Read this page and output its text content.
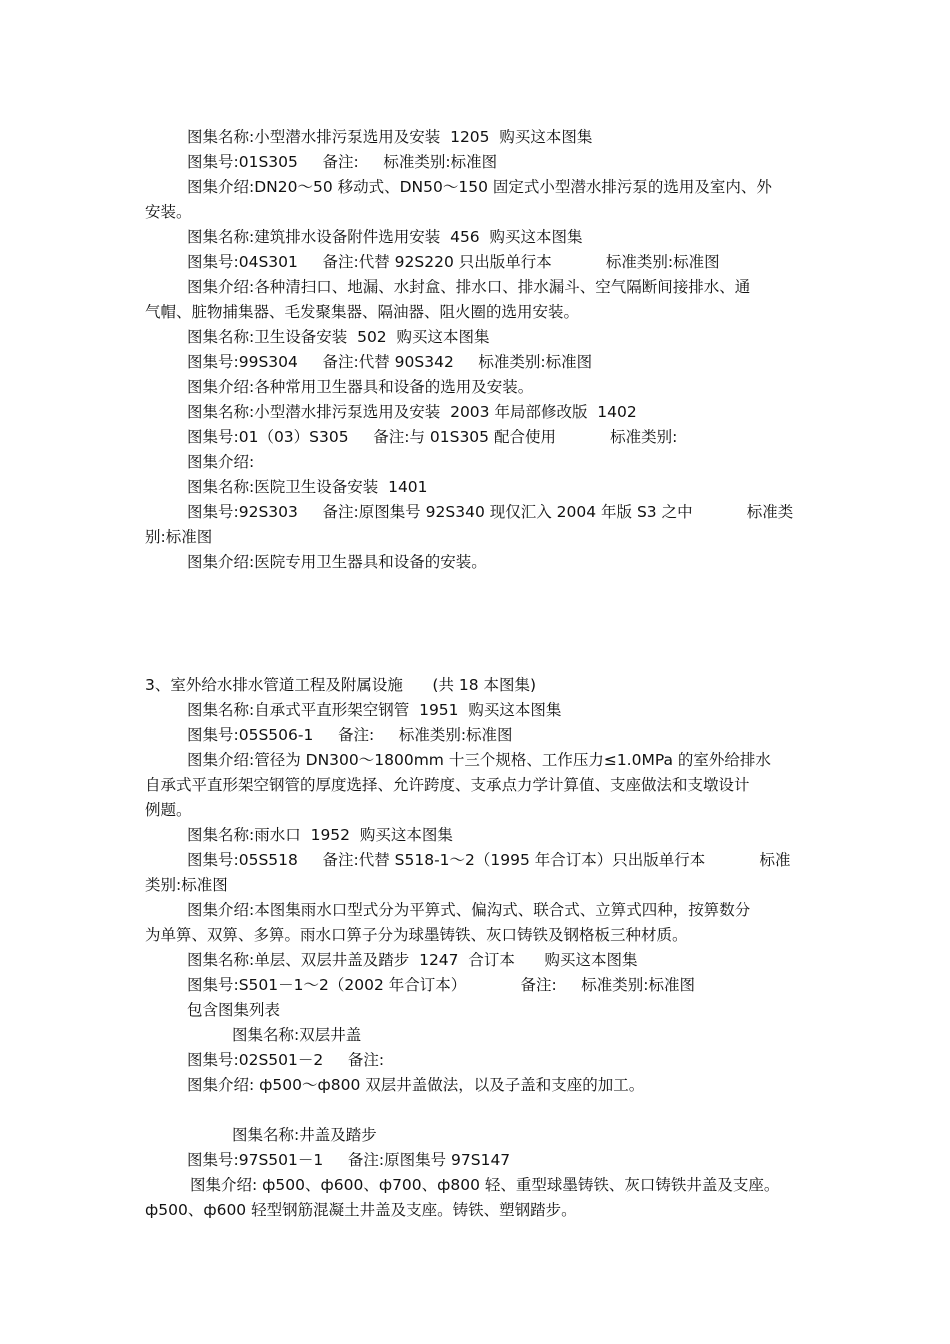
图集名称:小型潜水排污泵选用及安装  1205  购买这本图集
图集号:01S305     备注:     标准类别:标准图
图集介绍:DN20～50 移动式、DN50～150 固定式小型潜水排污泵的选用及室内、外
安装。
图集名称:建筑排水设备附件选用安装  456  购买这本图集
图集号:04S301     备注:代替 92S220 只出版单行本           标准类别:标准图
图集介绍:各种清扫口、地漏、水封盒、排水口、排水漏斗、空气隔断间接排水、通
气帽、脏物捕集器、毛发聚集器、隔油器、阻火圈的选用安装。
图集名称:卫生设备安装  502  购买这本图集
图集号:99S304     备注:代替 90S342     标准类别:标准图
图集介绍:各种常用卫生器具和设备的选用及安装。
图集名称:小型潜水排污泵选用及安装  2003 年局部修改版  1402
图集号:01（03）S305     备注:与 01S305 配合使用           标准类别:
图集介绍:
图集名称:医院卫生设备安装  1401
图集号:92S303     备注:原图集号 92S340 现仅汇入 2004 年版 S3 之中           标准类
别:标准图
图集介绍:医院专用卫生器具和设备的安装。
3、室外给水排水管道工程及附属设施      (共 18 本图集)
图集名称:自承式平直形架空钢管  1951  购买这本图集
图集号:05S506-1     备注:     标准类别:标准图
图集介绍:管径为 DN300～1800mm 十三个规格、工作压力≤1.0MPa 的室外给排水
自承式平直形架空钢管的厚度选择、允许跨度、支承点力学计算值、支座做法和支墩设计
例题。
图集名称:雨水口  1952  购买这本图集
图集号:05S518     备注:代替 S518-1～2（1995 年合订本）只出版单行本           标准
类别:标准图
图集介绍:本图集雨水口型式分为平箅式、偏沟式、联合式、立箅式四种，按箅数分
为单箅、双箅、多箅。雨水口箅子分为球墨铸铁、灰口铸铁及钢格板三种材质。
图集名称:单层、双层井盖及踏步  1247  合订本      购买这本图集
图集号:S501－1～2（2002 年合订本）           备注:     标准类别:标准图
包含图集列表
图集名称:双层井盖
图集号:02S501－2     备注:
图集介绍: ф500～ф800 双层井盖做法，以及子盖和支座的加工。
图集名称:井盖及踏步
图集号:97S501－1     备注:原图集号 97S147
图集介绍: ф500、ф600、ф700、ф800 轻、重型球墨铸铁、灰口铸铁井盖及支座。
ф500、ф600 轻型钢筋混凝土井盖及支座。铸铁、塑钢踏步。
